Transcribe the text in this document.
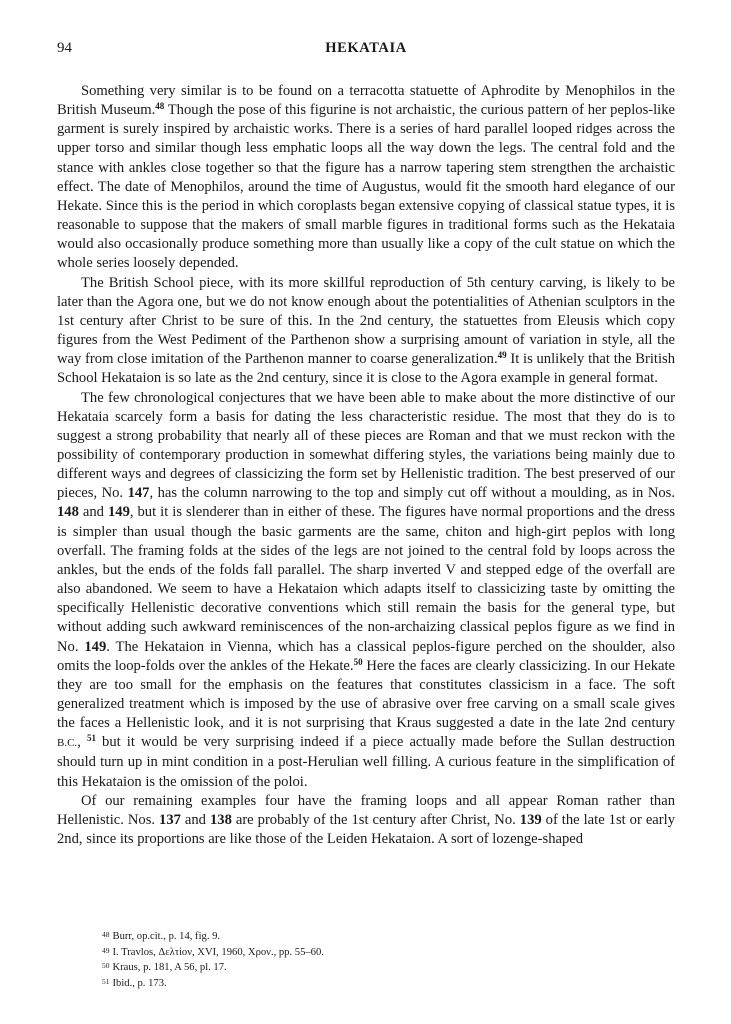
94	HEKATAIA

Something very similar is to be found on a terracotta statuette of Aphrodite by Menophilos in the British Museum.$^{48}$ Though the pose of this figurine is not archaistic, the curious pattern of her peplos-like garment is surely inspired by archaistic works. There is a series of hard parallel looped ridges across the upper torso and similar though less emphatic loops all the way down the legs. The central fold and the stance with ankles close together so that the figure has a narrow tapering stem strengthen the archaistic effect. The date of Menophilos, around the time of Augustus, would fit the smooth hard elegance of our Hekate. Since this is the period in which coroplasts began extensive copying of classical statue types, it is reasonable to suppose that the makers of small marble figures in traditional forms such as the Hekataia would also occasionally produce something more than usually like a copy of the cult statue on which the whole series loosely depended.

The British School piece, with its more skillful reproduction of 5th century carving, is likely to be later than the Agora one, but we do not know enough about the potentialities of Athenian sculptors in the 1st century after Christ to be sure of this. In the 2nd century, the statuettes from Eleusis which copy figures from the West Pediment of the Parthenon show a surprising amount of variation in style, all the way from close imitation of the Parthenon manner to coarse generalization.$^{49}$ It is unlikely that the British School Hekataion is so late as the 2nd century, since it is close to the Agora example in general format.

The few chronological conjectures that we have been able to make about the more distinctive of our Hekataia scarcely form a basis for dating the less characteristic residue. The most that they do is to suggest a strong probability that nearly all of these pieces are Roman and that we must reckon with the possibility of contemporary production in somewhat differing styles, the variations being mainly due to different ways and degrees of classicizing the form set by Hellenistic tradition. The best preserved of our pieces, No. 147, has the column narrowing to the top and simply cut off without a moulding, as in Nos. 148 and 149, but it is slenderer than in either of these. The figures have normal proportions and the dress is simpler than usual though the basic garments are the same, chiton and high-girt peplos with long overfall. The framing folds at the sides of the legs are not joined to the central fold by loops across the ankles, but the ends of the folds fall parallel. The sharp inverted V and stepped edge of the overfall are also abandoned. We seem to have a Hekataion which adapts itself to classicizing taste by omitting the specifically Hellenistic decorative conventions which still remain the basis for the general type, but without adding such awkward reminiscences of the non-archaizing classical peplos figure as we find in No. 149. The Hekataion in Vienna, which has a classical peplos-figure perched on the shoulder, also omits the loop-folds over the ankles of the Hekate.$^{50}$ Here the faces are clearly classicizing. In our Hekate they are too small for the emphasis on the features that constitutes classicism in a face. The soft generalized treatment which is imposed by the use of abrasive over free carving on a small scale gives the faces a Hellenistic look, and it is not surprising that Kraus suggested a date in the late 2nd century B.C., $^{51}$ but it would be very surprising indeed if a piece actually made before the Sullan destruction should turn up in mint condition in a post-Herulian well filling. A curious feature in the simplification of this Hekataion is the omission of the poloi.

Of our remaining examples four have the framing loops and all appear Roman rather than Hellenistic. Nos. 137 and 138 are probably of the 1st century after Christ, No. 139 of the late 1st or early 2nd, since its proportions are like those of the Leiden Hekataion. A sort of lozenge-shaped

48 Burr, op.cit., p. 14, fig. 9.

49 I. Travlos, Δελτίον, XVI, 1960, Χρον., pp. 55–60.

50 Kraus, p. 181, A 56, pl. 17.

51 Ibid., p. 173.
